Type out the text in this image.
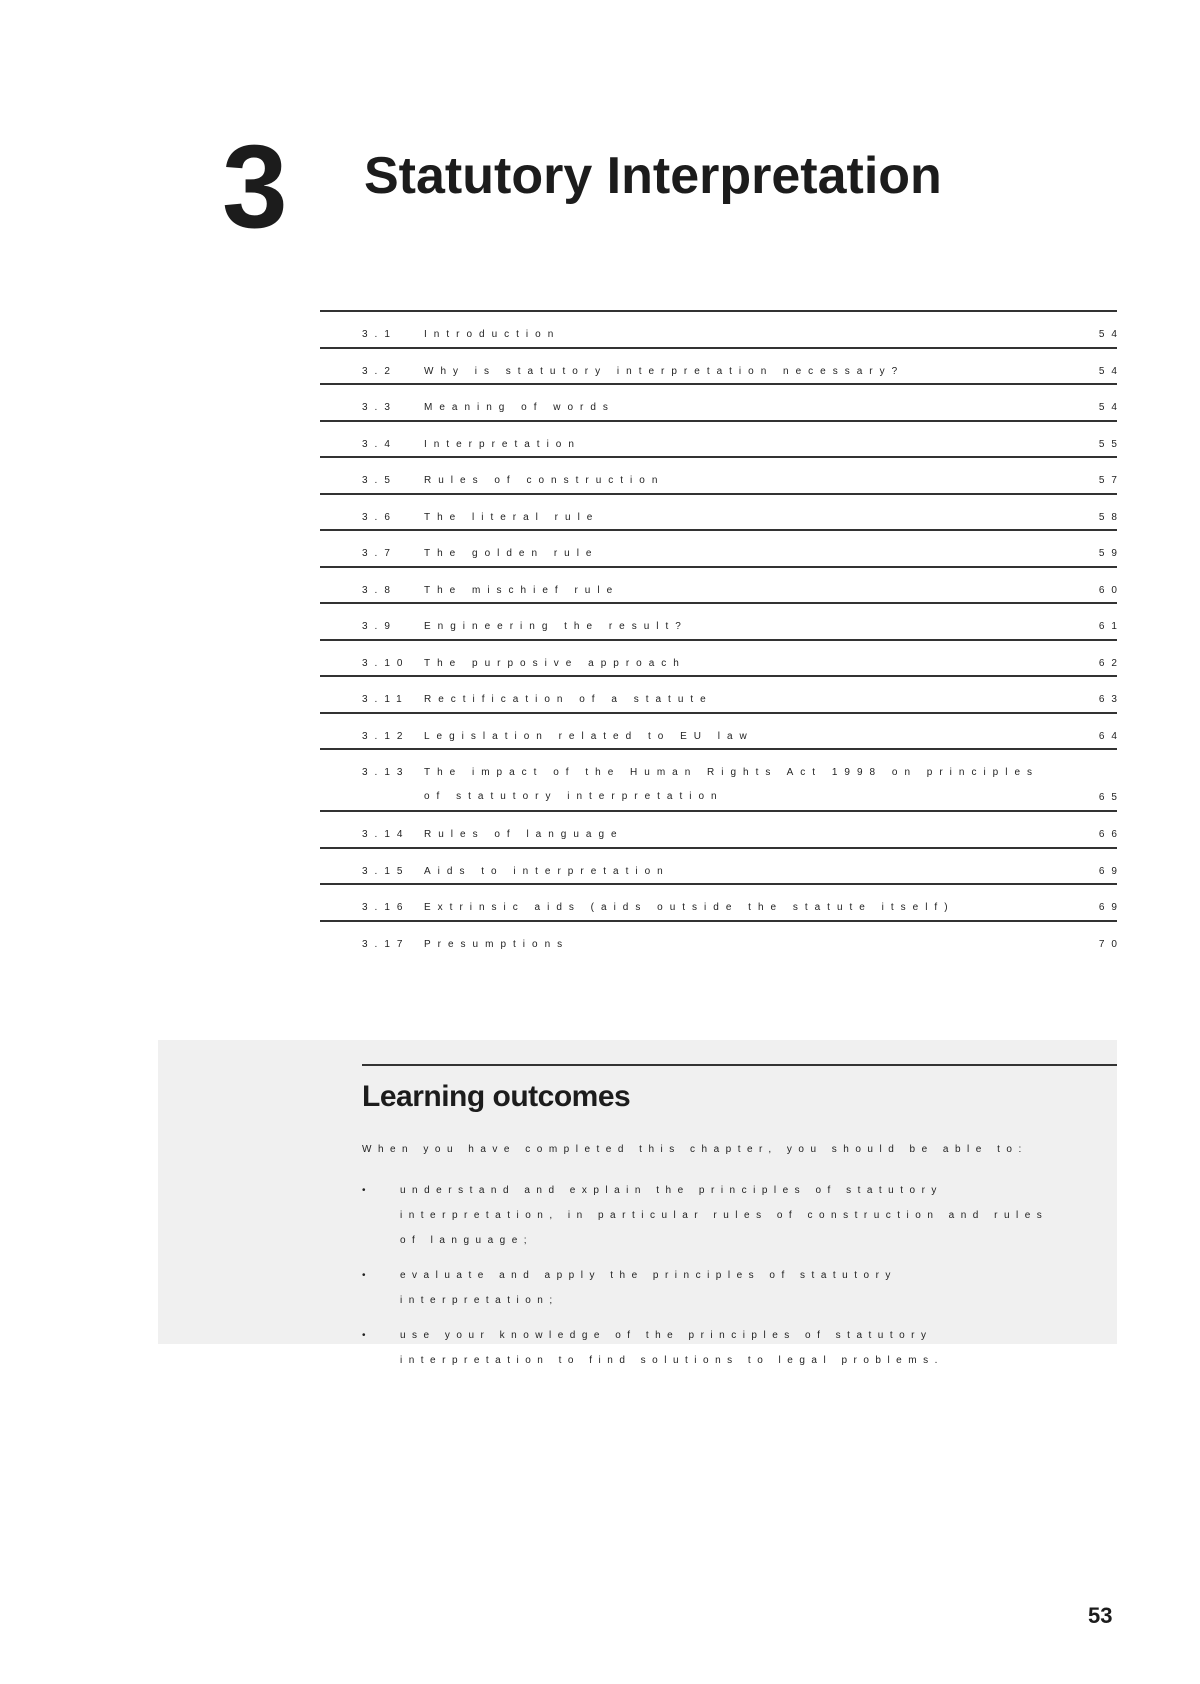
3 Statutory Interpretation
3.1	Introduction	54
3.2	Why is statutory interpretation necessary?	54
3.3	Meaning of words	54
3.4	Interpretation	55
3.5	Rules of construction	57
3.6	The literal rule	58
3.7	The golden rule	59
3.8	The mischief rule	60
3.9	Engineering the result?	61
3.10	The purposive approach	62
3.11	Rectification of a statute	63
3.12	Legislation related to EU law	64
3.13	The impact of the Human Rights Act 1998 on principles of statutory interpretation	65
3.14	Rules of language	66
3.15	Aids to interpretation	69
3.16	Extrinsic aids (aids outside the statute itself)	69
3.17	Presumptions	70
Learning outcomes
When you have completed this chapter, you should be able to:
•	understand and explain the principles of statutory interpretation, in particular rules of construction and rules of language;
•	evaluate and apply the principles of statutory interpretation;
•	use your knowledge of the principles of statutory interpretation to find solutions to legal problems.
53
